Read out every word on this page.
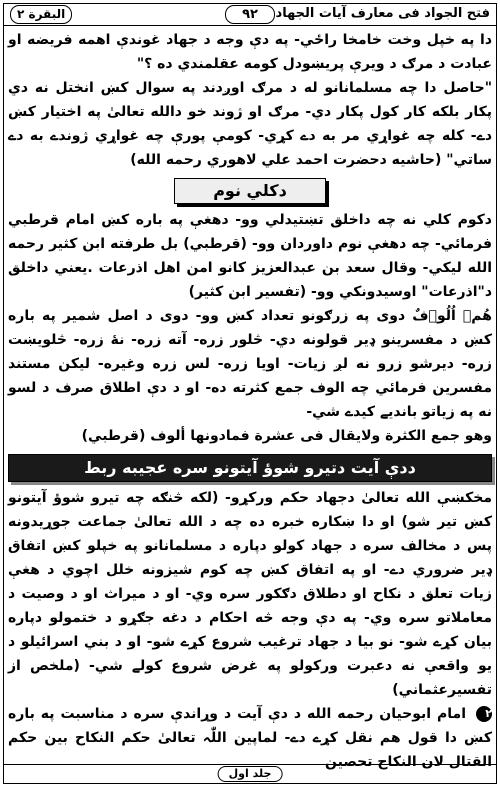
فتح الجواد فی معارف آیات الجهاد
۹۲
البقرة ۲

دا په خپل وخت خامخا راځي- په دې وجه د جهاد غوندې اهمه فریضه او عبادت د مرګ د ویرې پریښودل کومه عقلمندي ده ؟"

"حاصل دا چه مسلمانانو له د مرګ اوږدند په سوال کښ انختل نه دي پکار بلکه کار کول پکار دي- مرګ او ژوند خو دالله تعالیٰ په اختیار کښ دے- کله چه غواړي مر به دے کړي- کومې پورې چه غواړي ژوندے به دے ساتي" (حاشیه دحضرت احمد علي لاهوري رحمه الله)

دکلي نوم

دکوم کلي نه چه داخلق تښتیدلي وو- دهغې په باره کښ امام قرطبي فرمائي- چه دهغې نوم داوردان وو- (قرطبي) بل طرفته ابن کثیر رحمه الله لیکي- وقال سعد بن عبدالعزیز کانو امن اهل اذرعات .یعني داخلق د"اذرعات" اوسیدونکي وو- (تفسیر ابن کثیر)

هُمۡ اُلُوۡفٌ دوی په زرګونو تعداد کښ وو- دوی د اصل شمیر په باره کښ د مفسرینو ډیر قولونه دي- څلور زره- آته زره- نهٔ زره- څلویښت زره- دیرشو زرو نه لږ زیات- اویا زره- لس زره وغیره- لیکن مستند مفسرین فرمائي چه الوف جمع کثرته ده- او د دې اطلاق صرف د لسو نه په زیاتو بانديے کیدے شي-

وهو جمع الکثرة ولایقال فی عشرة فمادونها ألوف (قرطبي)

ددې آیت دتیرو شوؤ آیتونو سره عجیبه ربط

مخکښې الله تعالیٰ دجهاد حکم ورکړو- (لکه څنګه چه تیرو شوؤ آیتونو کښ تیر شو) او دا ښکاره خبره ده چه د الله تعالیٰ جماعت جوړیدونه پس د مخالف سره د جهاد کولو دپاره د مسلمانانو په خپلو کښ اتفاق ډیر ضروري دے- او په اتفاق کښ چه کوم شیزونه خلل اچوي د هغې زیات تعلق د نکاح او دطلاق دګکور سره وي- او د میراث او د وصیت د معاملاتو سره وي- په دې وجه څه احکام د دغه جګړو د ختمولو دپاره بیان کړے شو- نو بیا د جهاد ترغیب شروع کړے شو- او د بني اسرائیلو د یو واقعې نه دعبرت ورکولو په غرض شروع کولے شي- (ملخص از تفسیرعثماني)

۲ امام ابوحیان رحمه الله د دې آیت د وړاندې سره د مناسبت په باره کښ دا قول هم نقل کړے دے- لماپین اللّٰہ تعالیٰ حکم النکاح بین حکم القتال لان النکاح تحصین

جلد اول
